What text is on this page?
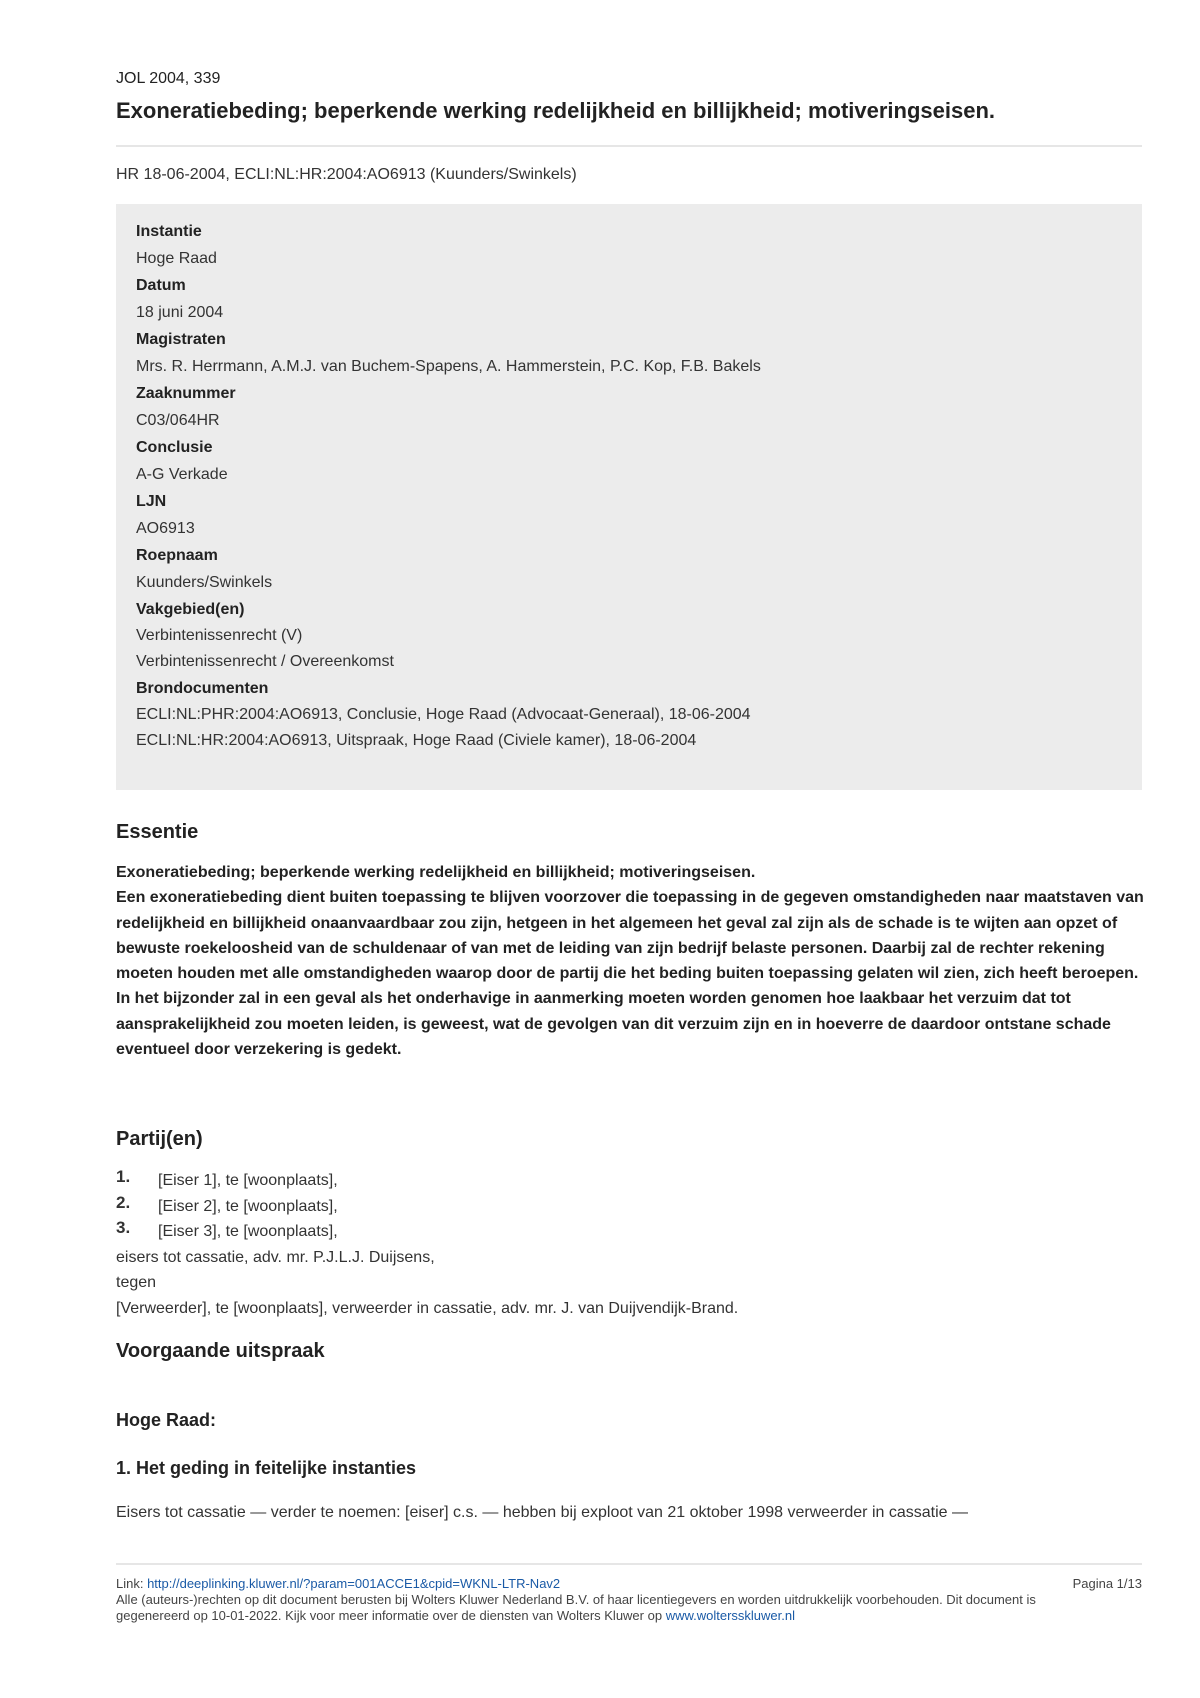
JOL 2004, 339
Exoneratiebeding; beperkende werking redelijkheid en billijkheid; motiveringseisen.
HR 18-06-2004, ECLI:NL:HR:2004:AO6913 (Kuunders/Swinkels)
Instantie
Hoge Raad
Datum
18 juni 2004
Magistraten
Mrs. R. Herrmann, A.M.J. van Buchem-Spapens, A. Hammerstein, P.C. Kop, F.B. Bakels
Zaaknummer
C03/064HR
Conclusie
A-G Verkade
LJN
AO6913
Roepnaam
Kuunders/Swinkels
Vakgebied(en)
Verbintenissenrecht (V)
Verbintenissenrecht / Overeenkomst
Brondocumenten
ECLI:NL:PHR:2004:AO6913, Conclusie, Hoge Raad (Advocaat-Generaal), 18-06-2004
ECLI:NL:HR:2004:AO6913, Uitspraak, Hoge Raad (Civiele kamer), 18-06-2004
Essentie

Exoneratiebeding; beperkende werking redelijkheid en billijkheid; motiveringseisen.

Een exoneratiebeding dient buiten toepassing te blijven voorzover die toepassing in de gegeven omstandigheden naar maatstaven van redelijkheid en billijkheid onaanvaardbaar zou zijn, hetgeen in het algemeen het geval zal zijn als de schade is te wijten aan opzet of bewuste roekeloosheid van de schuldenaar of van met de leiding van zijn bedrijf belaste personen. Daarbij zal de rechter rekening moeten houden met alle omstandigheden waarop door de partij die het beding buiten toepassing gelaten wil zien, zich heeft beroepen. In het bijzonder zal in een geval als het onderhavige in aanmerking moeten worden genomen hoe laakbaar het verzuim dat tot aansprakelijkheid zou moeten leiden, is geweest, wat de gevolgen van dit verzuim zijn en in hoeverre de daardoor ontstane schade eventueel door verzekering is gedekt.

Partij(en)
1.	[Eiser 1], te [woonplaats],
2.	[Eiser 2], te [woonplaats],
3.	[Eiser 3], te [woonplaats],
eisers tot cassatie, adv. mr. P.J.L.J. Duijsens,
tegen
[Verweerder], te [woonplaats], verweerder in cassatie, adv. mr. J. van Duijvendijk-Brand.
Voorgaande uitspraak
Hoge Raad:
1. Het geding in feitelijke instanties
Eisers tot cassatie — verder te noemen: [eiser] c.s. — hebben bij exploot van 21 oktober 1998 verweerder in cassatie —
Link: http://deeplinking.kluwer.nl/?param=001ACCE1&cpid=WKNL-LTR-Nav2	Pagina 1/13
Alle (auteurs-)rechten op dit document berusten bij Wolters Kluwer Nederland B.V. of haar licentiegevers en worden uitdrukkelijk voorbehouden. Dit document is gegenereerd op 10-01-2022. Kijk voor meer informatie over de diensten van Wolters Kluwer op www.woltersskluwer.nl
